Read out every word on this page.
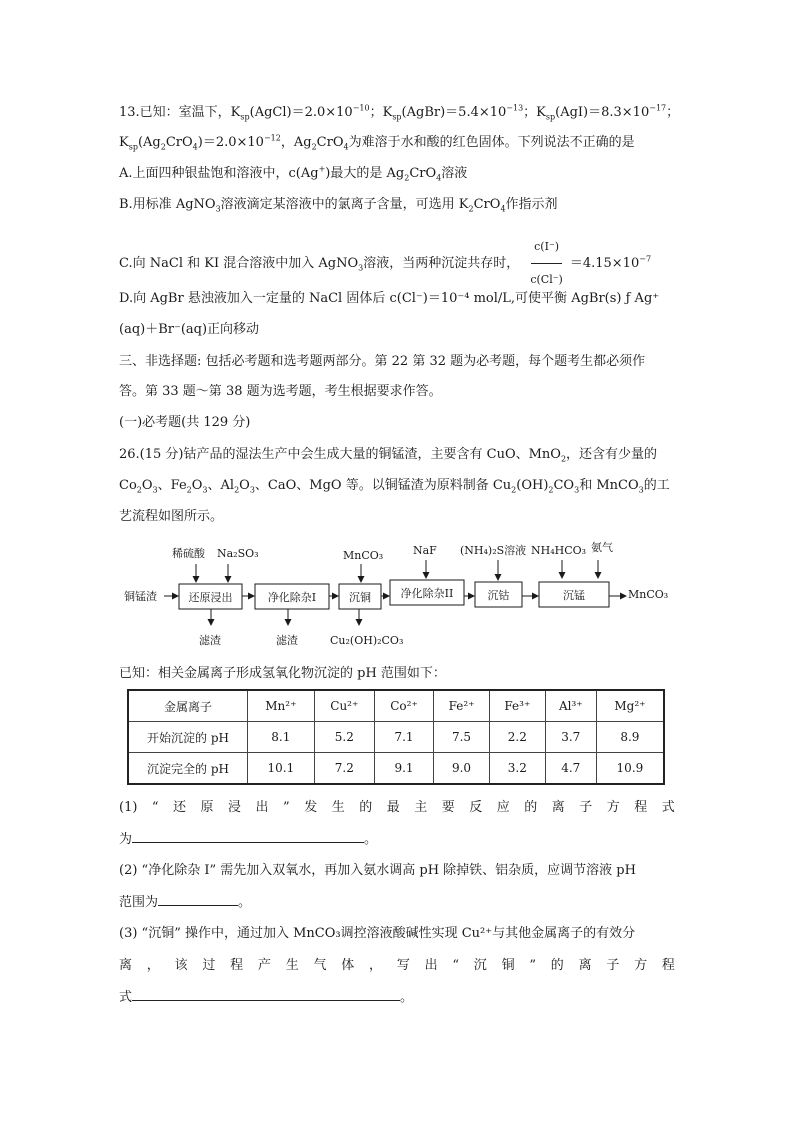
13.已知：室温下，$K_{sp}(AgCl)=2.0\times 10^{-10}$；$K_{sp}(AgBr)=5.4\times 10^{-13}$；$K_{sp}(AgI)=8.3\times 10^{-17}$；
$K_{sp}(Ag_2CrO_4)=2.0\times 10^{-12}$，$Ag_2CrO_4$为难溶于水和酸的红色固体。下列说法不正确的是
A.上面四种银盐饱和溶液中，c(Ag+)最大的是 $Ag_2CrO_4$溶液
B.用标准 AgNO$_3$溶液滴定某溶液中的氯离子含量，可选用 $K_2CrO_4$作指示剂
C.向 NaCl 和 KI 混合溶液中加入 AgNO$_3$溶液，当两种沉淀共存时， $\frac{c(I^-)}{c(Cl^-)} =4.15\times 10^{-7}$
D.向 AgBr 悬浊液加入一定量的 NaCl 固体后 c(Cl⁻)＝10⁻⁴ mol/L,可使平衡 AgBr(s) ƒ Ag⁺
(aq)＋Br⁻(aq)正向移动
三、非选择题: 包括必考题和选考题两部分。第 22 第 32 题为必考题，每个题考生都必须作
答。第 33 题～第 38 题为选考题，考生根据要求作答。
(一)必考题(共 129 分)
26.(15 分)钴产品的湿法生产中会生成大量的铜锰渣，主要含有 CuO、MnO$_2$，还含有少量的
$Co_2O_3$、$Fe_2O_3$、$Al_2O_3$、CaO、MgO 等。以铜锰渣为原料制备 $Cu_2(OH)_2CO_3$和 MnCO$_3$的工
艺流程如图所示。
铜锰渣	还原浸出	净化除杂I	沉铜	净化除杂II	沉钴	沉锰
稀硫酸 Na₂SO₃	MnCO₃	NaF (NH₄)₂S溶液 NH₄HCO₃ 氨气
滤渣	滤渣	Cu₂(OH)₂CO₃
MnCO₃
已知：相关金属离子形成氢氧化物沉淀的 pH 范围如下：
金属离子	Mn²⁺	Cu²⁺	Co²⁺	Fe²⁺	Fe³⁺	Al³⁺	Mg²⁺
开始沉淀的 pH	8.1	5.2	7.1	7.5	2.2	3.7	8.9
沉淀完全的 pH	10.1	7.2	9.1	9.0	3.2	4.7	10.9
(1) “ 还 原 浸 出 ” 发 生 的 最 主 要 反 应 的 离 子 方 程 式
为	。
(2) “净化除杂 I” 需先加入双氧水，再加入氨水调高 pH 除掉铁、铝杂质，应调节溶液 pH
范围为	。
(3) “沉铜” 操作中，通过加入 MnCO₃调控溶液酸碱性实现 Cu²⁺与其他金属离子的有效分
离 ， 该 过 程 产 生 气 体 ， 写 出 “ 沉 铜 ” 的 离 子 方 程
式	。
